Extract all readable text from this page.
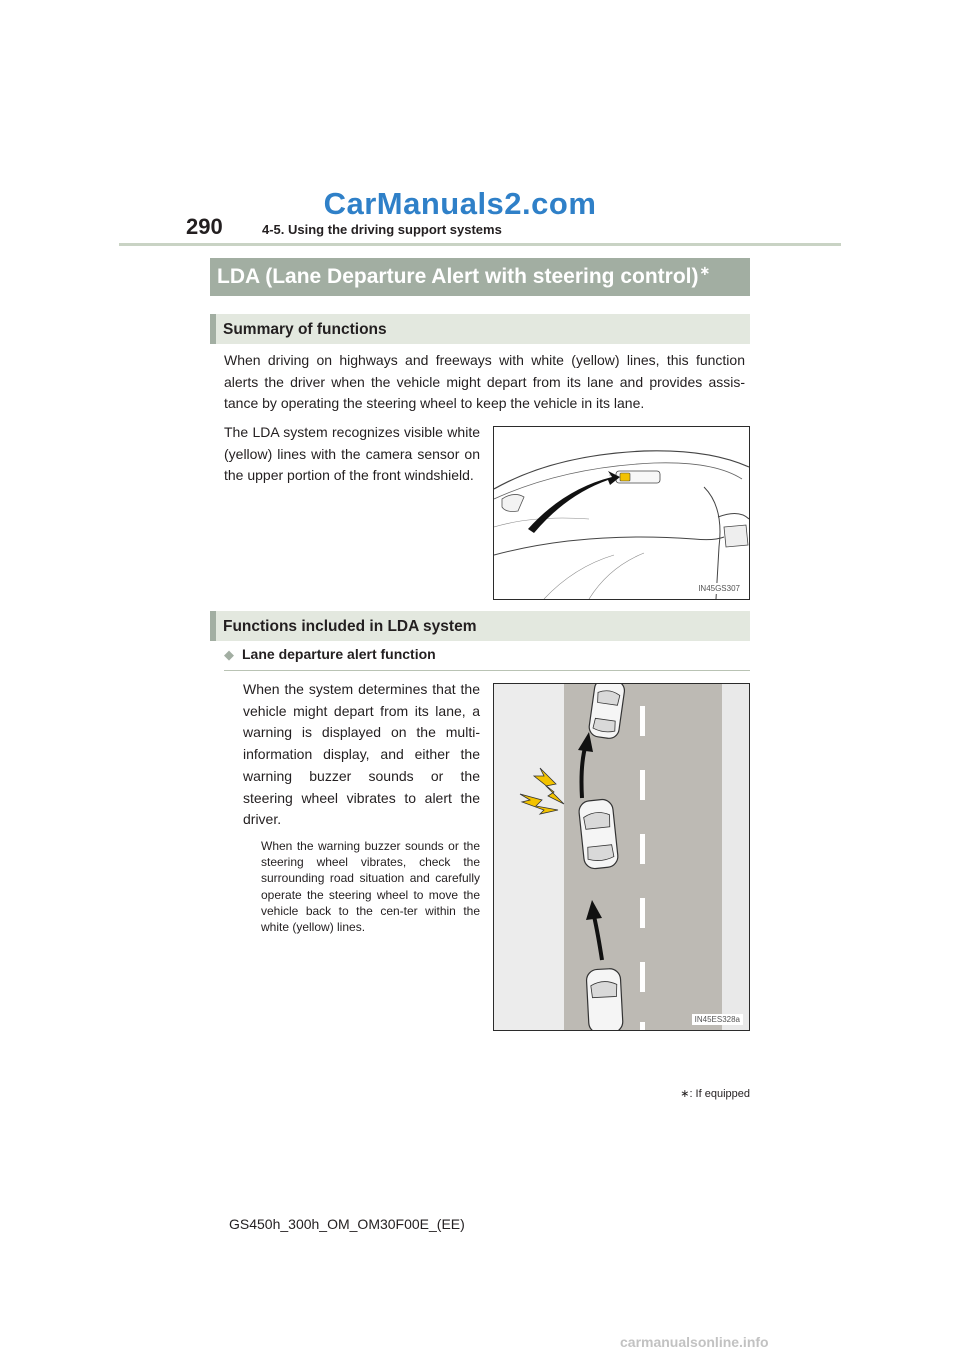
CarManuals2.com
290	4-5. Using the driving support systems
LDA (Lane Departure Alert with steering control)∗
Summary of functions
When driving on highways and freeways with white (yellow) lines, this function alerts the driver when the vehicle might depart from its lane and provides assis-tance by operating the steering wheel to keep the vehicle in its lane.
The LDA system recognizes visible white (yellow) lines with the camera sensor on the upper portion of the front windshield.
IN45GS307
Functions included in LDA system
◆ Lane departure alert function
When the system determines that the vehicle might depart from its lane, a warning is displayed on the multi-information display, and either the warning buzzer sounds or the steering wheel vibrates to alert the driver.
When the warning buzzer sounds or the steering wheel vibrates, check the surrounding road situation and carefully operate the steering wheel to move the vehicle back to the cen-ter within the white (yellow) lines.
IN45ES328a
∗: If equipped
GS450h_300h_OM_OM30F00E_(EE)
carmanualsonline.info
